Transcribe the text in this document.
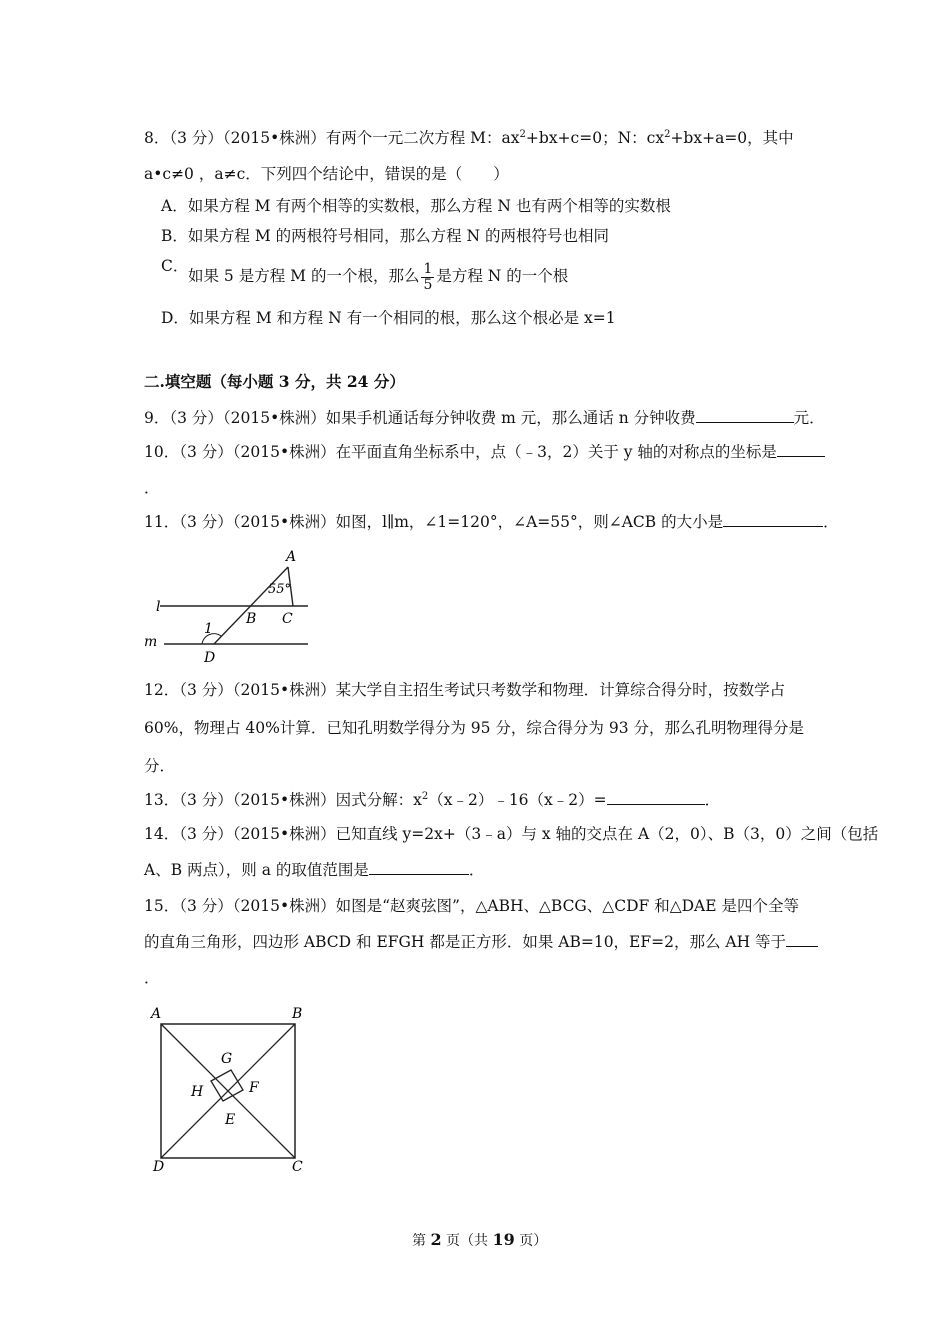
8．（3 分）（2015•株洲）有两个一元二次方程 M：$ax^2+bx+c=0$；N：$cx^2+bx+a=0$，其中
a•c≠0 ，a≠c．下列四个结论中，错误的是（　　）
A．如果方程 M 有两个相等的实数根，那么方程 N 也有两个相等的实数根
B．如果方程 M 的两根符号相同，那么方程 N 的两根符号也相同
C．
如果 5 是方程 M 的一个根，那么 $\frac{1}{5}$ 是方程 N 的一个根
D．如果方程 M 和方程 N 有一个相同的根，那么这个根必是 x=1
二.填空题（每小题 3 分，共 24 分）
9．（3 分）（2015•株洲）如果手机通话每分钟收费 m 元，那么通话 n 分钟收费	元．
10．（3 分）（2015•株洲）在平面直角坐标系中，点（﹣3，2）关于 y 轴的对称点的坐标是
．
11．（3 分）（2015•株洲）如图，l∥m，∠1=120°，∠A=55°，则∠ACB 的大小是	．
A
55°
l
m
B C
1
D
12．（3 分）（2015•株洲）某大学自主招生考试只考数学和物理．计算综合得分时，按数学占
60%，物理占 40%计算．已知孔明数学得分为 95 分，综合得分为 93 分，那么孔明物理得分是
分．
13．（3 分）（2015•株洲）因式分解：$x^2(x﹣2)﹣16(x﹣2)=$	．
14．（3 分）（2015•株洲）已知直线 y=2x+（3﹣a）与 x 轴的交点在 A（2，0）、B（3，0）之间（包括
A、B 两点），则 a 的取值范围是	．
15．（3 分）（2015•株洲）如图是“赵爽弦图”，△ABH、△BCG、△CDF 和△DAE 是四个全等
的直角三角形，四边形 ABCD 和 EFGH 都是正方形．如果 AB=10，EF=2，那么 AH 等于
．
A	B
C
D
E
F
G
H
第 2 页（共 19 页）
